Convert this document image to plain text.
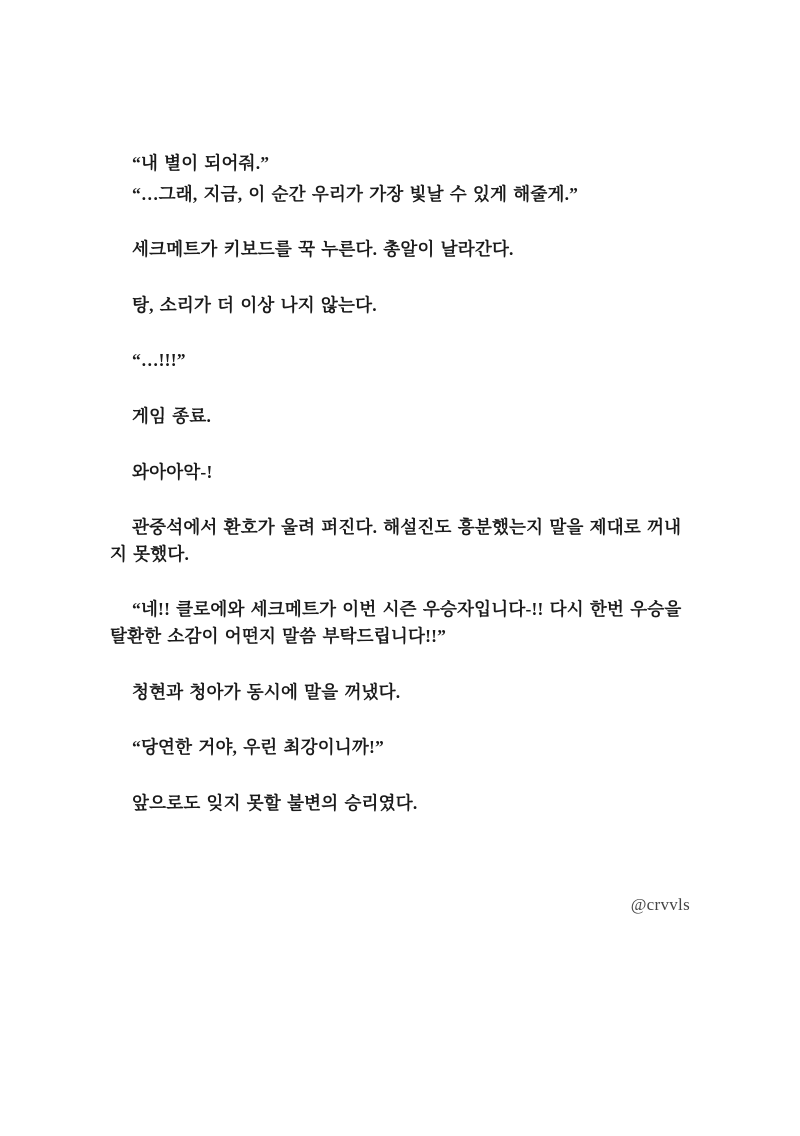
“내 별이 되어줘.”

“…그래, 지금, 이 순간 우리가 가장 빛날 수 있게 해줄게.”

세크메트가 키보드를 꾹 누른다. 총알이 날라간다.

탕, 소리가 더 이상 나지 않는다.

“…!!!”

게임 종료.

와아아악-!

관중석에서 환호가 울려 퍼진다. 해설진도 흥분했는지 말을 제대로 꺼내지 못했다.

“네!! 클로에와 세크메트가 이번 시즌 우승자입니다-!! 다시 한번 우승을 탈환한 소감이 어떤지 말씀 부탁드립니다!!”

청현과 청아가 동시에 말을 꺼냈다.

“당연한 거야, 우린 최강이니까!”

앞으로도 잊지 못할 불변의 승리였다.

@crvvls
